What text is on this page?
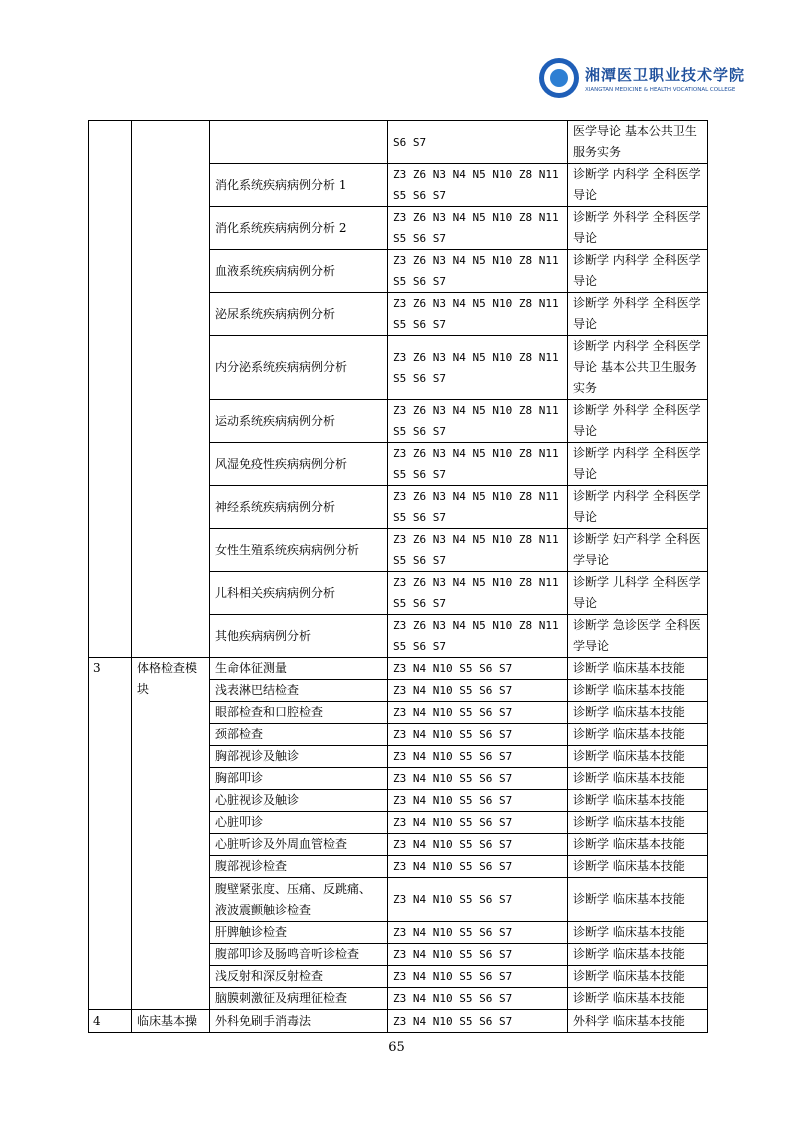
湘潭医卫职业技术学院
XIANGTAN MEDICINE & HEALTH VOCATIONAL COLLEGE
			S6 S7	医学导论 基本公共卫生服务实务
		消化系统疾病病例分析 1	Z3 Z6 N3 N4 N5 N10 Z8 N11 S5 S6 S7	诊断学 内科学 全科医学导论
		消化系统疾病病例分析 2	Z3 Z6 N3 N4 N5 N10 Z8 N11 S5 S6 S7	诊断学 外科学 全科医学导论
		血液系统疾病病例分析	Z3 Z6 N3 N4 N5 N10 Z8 N11 S5 S6 S7	诊断学 内科学 全科医学导论
		泌尿系统疾病病例分析	Z3 Z6 N3 N4 N5 N10 Z8 N11 S5 S6 S7	诊断学 外科学 全科医学导论
		内分泌系统疾病病例分析	Z3 Z6 N3 N4 N5 N10 Z8 N11 S5 S6 S7	诊断学 内科学 全科医学导论 基本公共卫生服务实务
		运动系统疾病病例分析	Z3 Z6 N3 N4 N5 N10 Z8 N11 S5 S6 S7	诊断学 外科学 全科医学导论
		风湿免疫性疾病病例分析	Z3 Z6 N3 N4 N5 N10 Z8 N11 S5 S6 S7	诊断学 内科学 全科医学导论
		神经系统疾病病例分析	Z3 Z6 N3 N4 N5 N10 Z8 N11 S5 S6 S7	诊断学 内科学 全科医学导论
		女性生殖系统疾病病例分析	Z3 Z6 N3 N4 N5 N10 Z8 N11 S5 S6 S7	诊断学 妇产科学 全科医学导论
		儿科相关疾病病例分析	Z3 Z6 N3 N4 N5 N10 Z8 N11 S5 S6 S7	诊断学 儿科学 全科医学导论
		其他疾病病例分析	Z3 Z6 N3 N4 N5 N10 Z8 N11 S5 S6 S7	诊断学 急诊医学 全科医学导论
3	体格检查模块	生命体征测量	Z3 N4 N10 S5 S6 S7	诊断学 临床基本技能
		浅表淋巴结检查	Z3 N4 N10 S5 S6 S7	诊断学 临床基本技能
		眼部检查和口腔检查	Z3 N4 N10 S5 S6 S7	诊断学 临床基本技能
		颈部检查	Z3 N4 N10 S5 S6 S7	诊断学 临床基本技能
		胸部视诊及触诊	Z3 N4 N10 S5 S6 S7	诊断学 临床基本技能
		胸部叩诊	Z3 N4 N10 S5 S6 S7	诊断学 临床基本技能
		心脏视诊及触诊	Z3 N4 N10 S5 S6 S7	诊断学 临床基本技能
		心脏叩诊	Z3 N4 N10 S5 S6 S7	诊断学 临床基本技能
		心脏听诊及外周血管检查	Z3 N4 N10 S5 S6 S7	诊断学 临床基本技能
		腹部视诊检查	Z3 N4 N10 S5 S6 S7	诊断学 临床基本技能
		腹壁紧张度、压痛、反跳痛、液波震颤触诊检查	Z3 N4 N10 S5 S6 S7	诊断学 临床基本技能
		肝脾触诊检查	Z3 N4 N10 S5 S6 S7	诊断学 临床基本技能
		腹部叩诊及肠鸣音听诊检查	Z3 N4 N10 S5 S6 S7	诊断学 临床基本技能
		浅反射和深反射检查	Z3 N4 N10 S5 S6 S7	诊断学 临床基本技能
		脑膜刺激征及病理征检查	Z3 N4 N10 S5 S6 S7	诊断学 临床基本技能
4	临床基本操	外科免刷手消毒法	Z3 N4 N10 S5 S6 S7	外科学 临床基本技能
65
